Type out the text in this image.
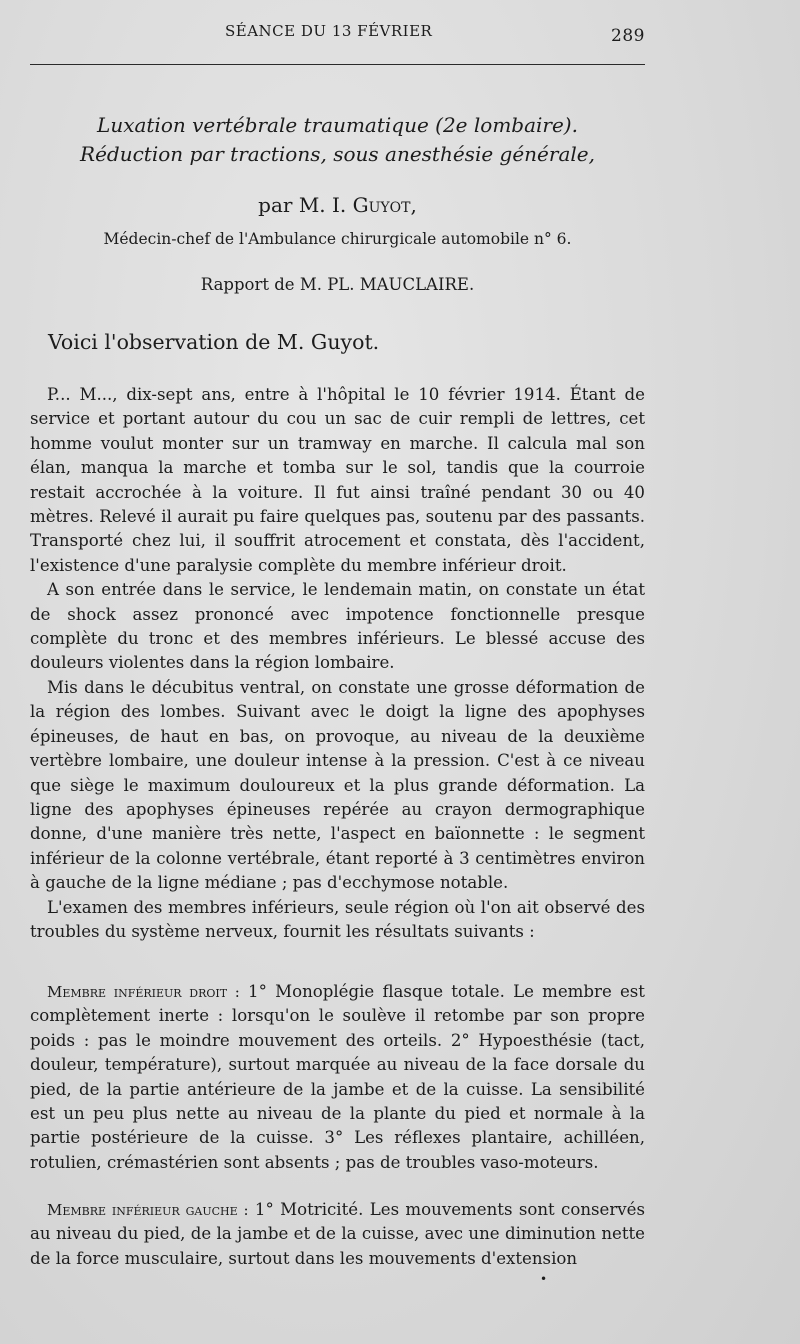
SÉANCE DU 13 FÉVRIER	289
Luxation vertébrale traumatique (2e lombaire).
Réduction par tractions, sous anesthésie générale,
par M. I. Guyot,
Médecin-chef de l'Ambulance chirurgicale automobile n° 6.
Rapport de M. PL. MAUCLAIRE.
Voici l'observation de M. Guyot.

P... M..., dix-sept ans, entre à l'hôpital le 10 février 1914. Étant de service et portant autour du cou un sac de cuir rempli de lettres, cet homme voulut monter sur un tramway en marche. Il calcula mal son élan, manqua la marche et tomba sur le sol, tandis que la courroie restait accrochée à la voiture. Il fut ainsi traîné pendant 30 ou 40 mètres. Relevé il aurait pu faire quelques pas, soutenu par des passants. Transporté chez lui, il souffrit atrocement et constata, dès l'accident, l'existence d'une paralysie complète du membre inférieur droit.

A son entrée dans le service, le lendemain matin, on constate un état de shock assez prononcé avec impotence fonctionnelle presque complète du tronc et des membres inférieurs. Le blessé accuse des douleurs violentes dans la région lombaire.

Mis dans le décubitus ventral, on constate une grosse déformation de la région des lombes. Suivant avec le doigt la ligne des apophyses épineuses, de haut en bas, on provoque, au niveau de la deuxième vertèbre lombaire, une douleur intense à la pression. C'est à ce niveau que siège le maximum douloureux et la plus grande déformation. La ligne des apophyses épineuses repérée au crayon dermographique donne, d'une manière très nette, l'aspect en baïonnette : le segment inférieur de la colonne vertébrale, étant reporté à 3 centimètres environ à gauche de la ligne médiane ; pas d'ecchymose notable.

L'examen des membres inférieurs, seule région où l'on ait observé des troubles du système nerveux, fournit les résultats suivants :

Membre inférieur droit : 1° Monoplégie flasque totale. Le membre est complètement inerte : lorsqu'on le soulève il retombe par son propre poids : pas le moindre mouvement des orteils. 2° Hypoesthésie (tact, douleur, température), surtout marquée au niveau de la face dorsale du pied, de la partie antérieure de la jambe et de la cuisse. La sensibilité est un peu plus nette au niveau de la plante du pied et normale à la partie postérieure de la cuisse. 3° Les réflexes plantaire, achilléen, rotulien, crémastérien sont absents ; pas de troubles vaso-moteurs.

Membre inférieur gauche : 1° Motricité. Les mouvements sont conservés au niveau du pied, de la jambe et de la cuisse, avec une diminution nette de la force musculaire, surtout dans les mouvements d'extension

•
